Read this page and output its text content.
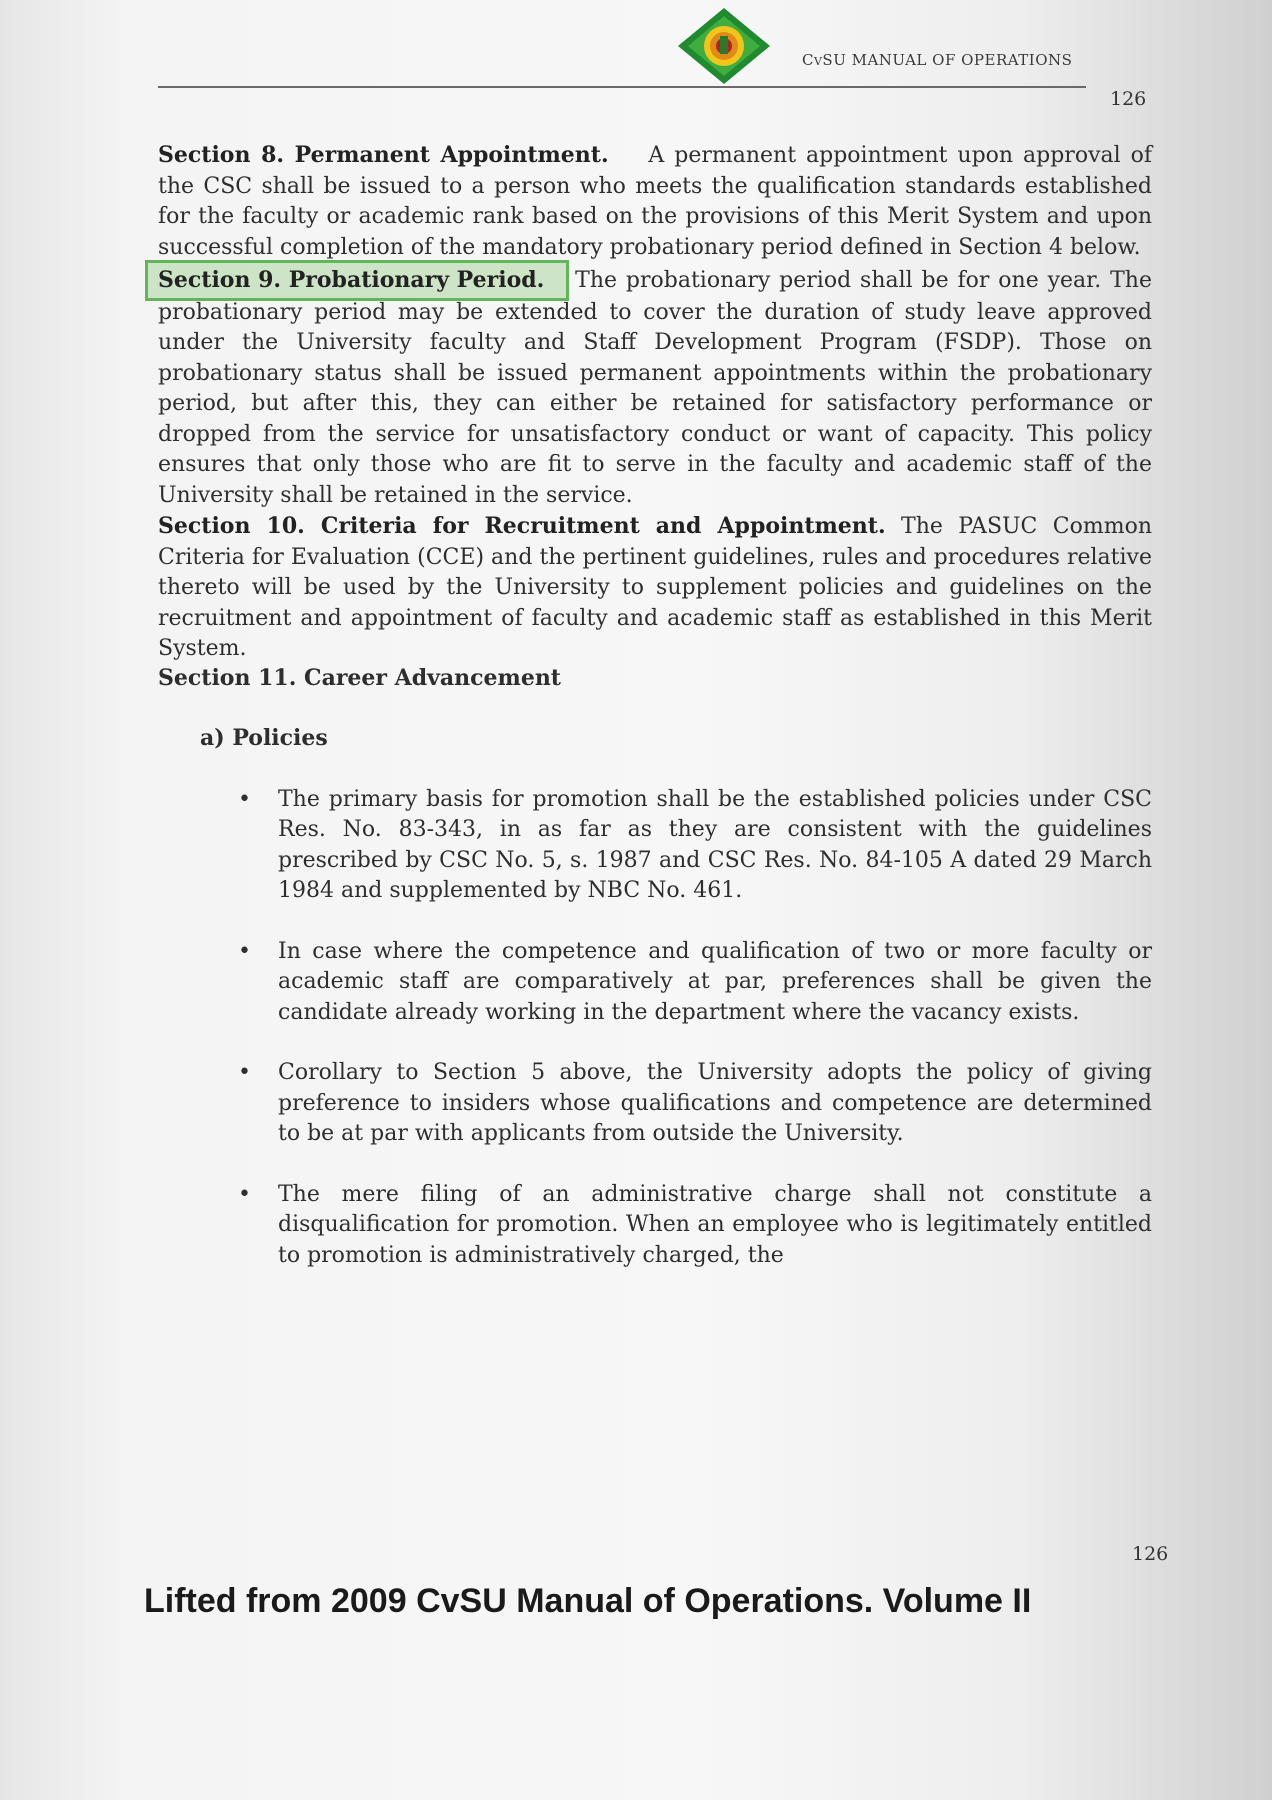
CvSU MANUAL OF OPERATIONS
126

Section 8. Permanent Appointment. A permanent appointment upon approval of the CSC shall be issued to a person who meets the qualification standards established for the faculty or academic rank based on the provisions of this Merit System and upon successful completion of the mandatory probationary period defined in Section 4 below.

Section 9. Probationary Period. The probationary period shall be for one year. The probationary period may be extended to cover the duration of study leave approved under the University faculty and Staff Development Program (FSDP). Those on probationary status shall be issued permanent appointments within the probationary period, but after this, they can either be retained for satisfactory performance or dropped from the service for unsatisfactory conduct or want of capacity. This policy ensures that only those who are fit to serve in the faculty and academic staff of the University shall be retained in the service.

Section 10. Criteria for Recruitment and Appointment. The PASUC Common Criteria for Evaluation (CCE) and the pertinent guidelines, rules and procedures relative thereto will be used by the University to supplement policies and guidelines on the recruitment and appointment of faculty and academic staff as established in this Merit System.

Section 11. Career Advancement
a) Policies
• The primary basis for promotion shall be the established policies under CSC Res. No. 83-343, in as far as they are consistent with the guidelines prescribed by CSC No. 5, s. 1987 and CSC Res. No. 84-105 A dated 29 March 1984 and supplemented by NBC No. 461.
• In case where the competence and qualification of two or more faculty or academic staff are comparatively at par, preferences shall be given the candidate already working in the department where the vacancy exists.
• Corollary to Section 5 above, the University adopts the policy of giving preference to insiders whose qualifications and competence are determined to be at par with applicants from outside the University.
• The mere filing of an administrative charge shall not constitute a disqualification for promotion. When an employee who is legitimately entitled to promotion is administratively charged, the
126
Lifted from 2009 CvSU Manual of Operations. Volume II
